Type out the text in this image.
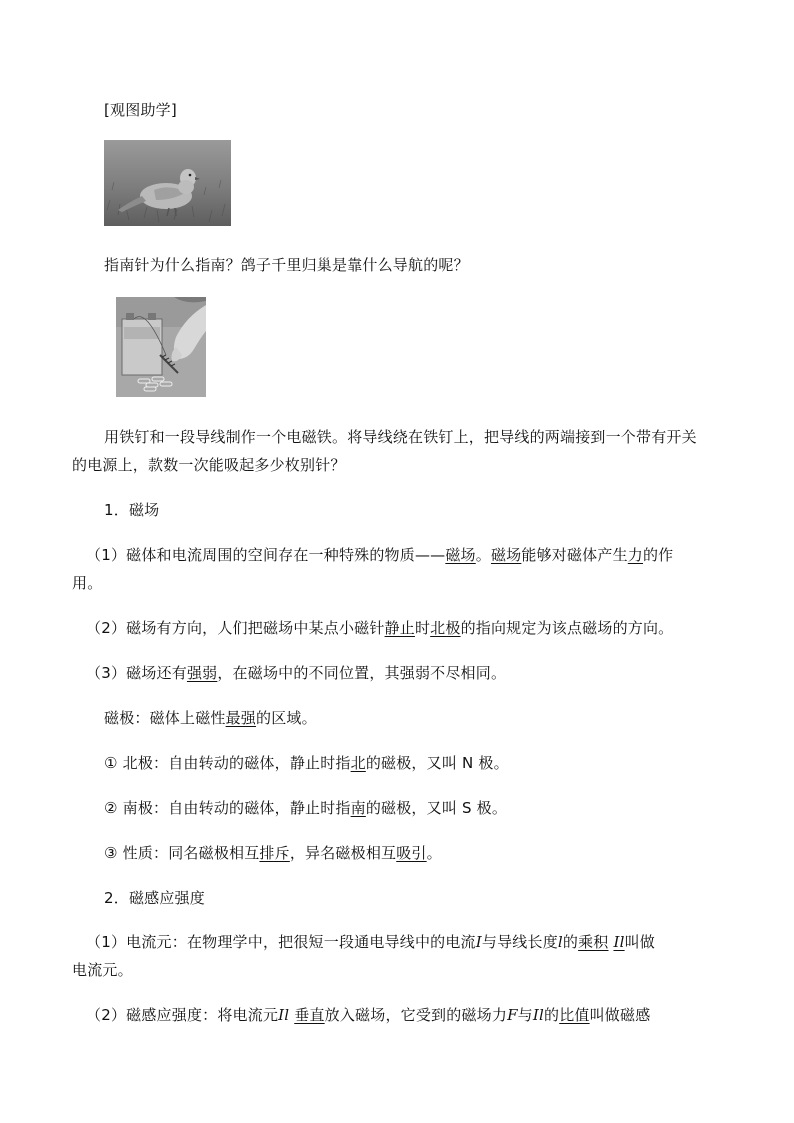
[观图助学]
指南针为什么指南？鸽子千里归巢是靠什么导航的呢？
用铁钉和一段导线制作一个电磁铁。将导线绕在铁钉上，把导线的两端接到一个带有开关
的电源上，款数一次能吸起多少枚别针？
1．磁场
（1）磁体和电流周围的空间存在一种特殊的物质——磁场。磁场能够对磁体产生力的作
用。
（2）磁场有方向，人们把磁场中某点小磁针静止时北极的指向规定为该点磁场的方向。
（3）磁场还有强弱，在磁场中的不同位置，其强弱不尽相同。
磁极：磁体上磁性最强的区域。
① 北极：自由转动的磁体，静止时指北的磁极，又叫 N 极。
② 南极：自由转动的磁体，静止时指南的磁极，又叫 S 极。
③ 性质：同名磁极相互排斥，异名磁极相互吸引。
2．磁感应强度
（1）电流元：在物理学中，把很短一段通电导线中的电流I与导线长度l的乘积 Il叫做
电流元。
（2）磁感应强度：将电流元Il 垂直放入磁场，它受到的磁场力F与Il的比值叫做磁感
